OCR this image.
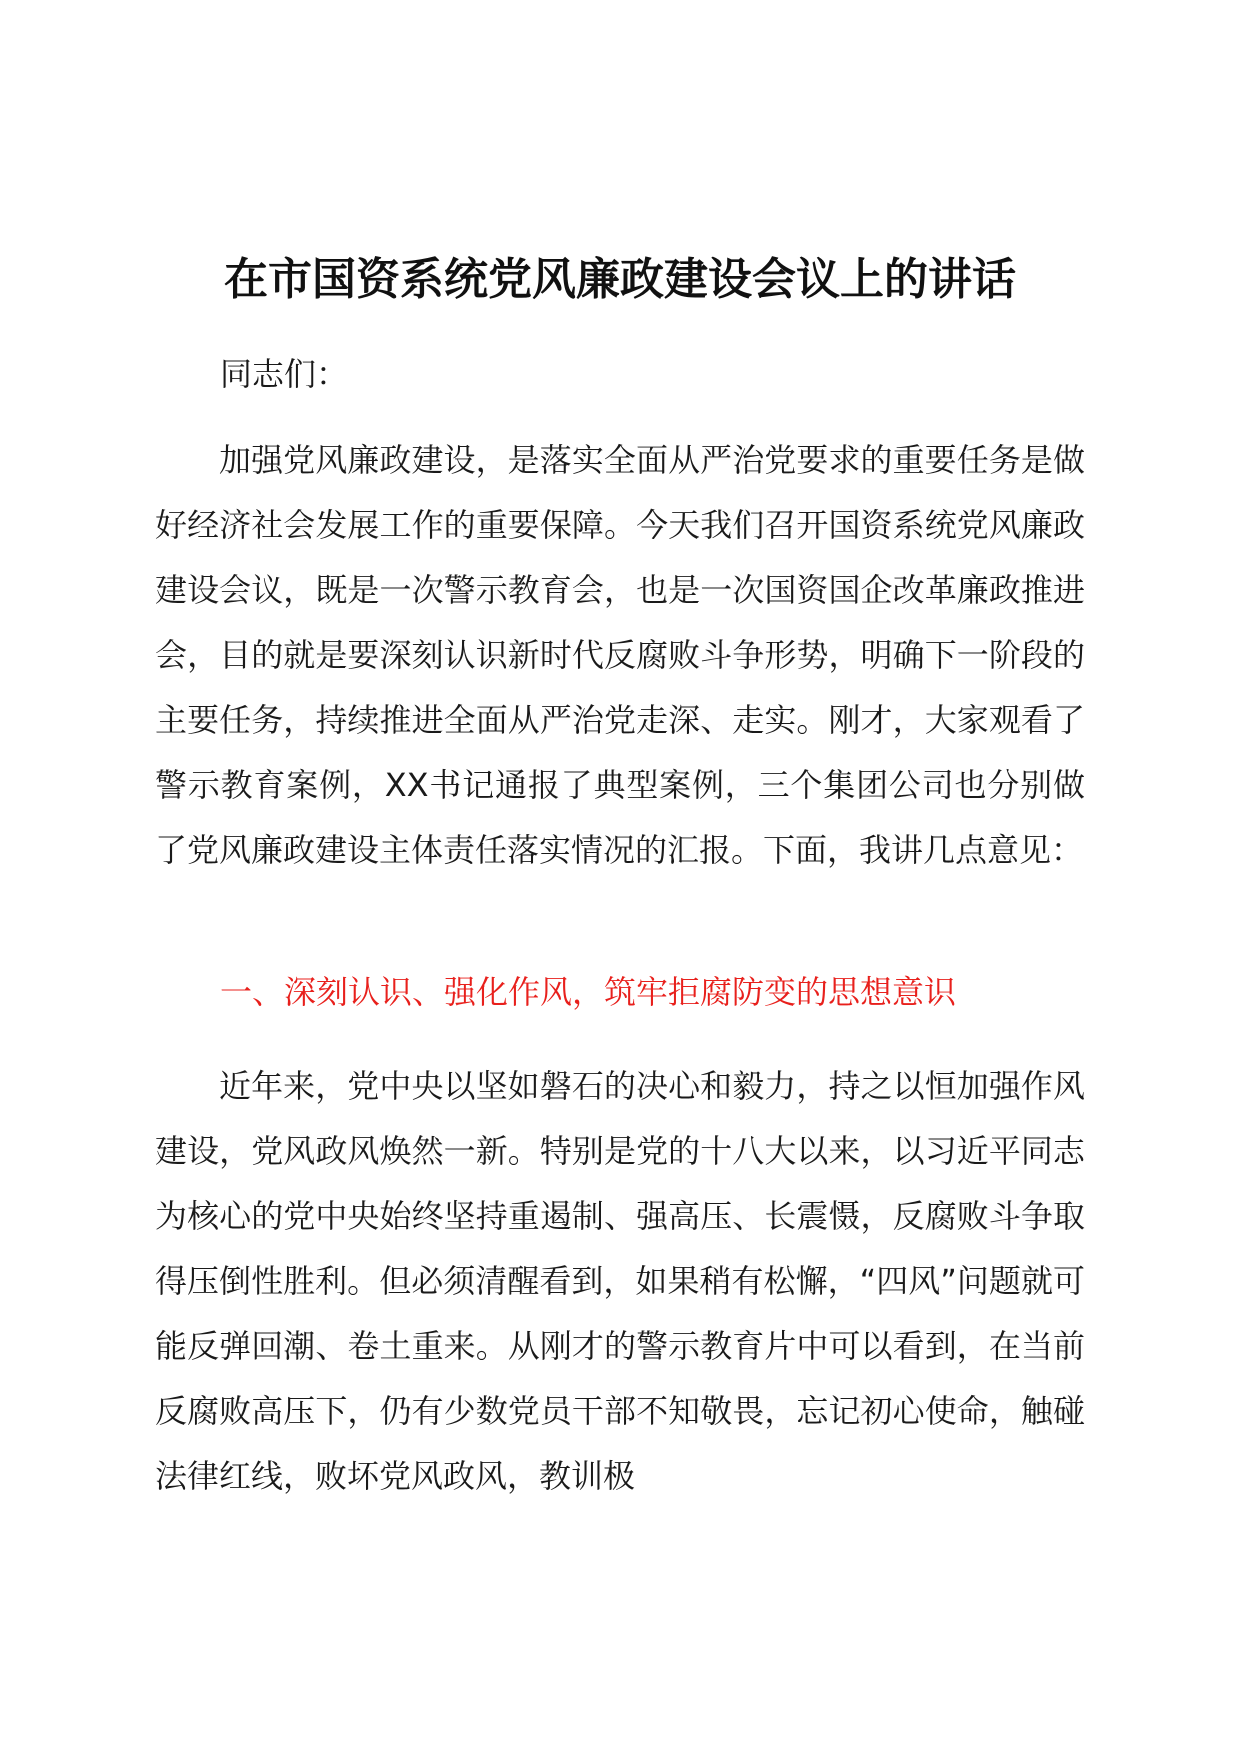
在市国资系统党风廉政建设会议上的讲话
同志们：

加强党风廉政建设，是落实全面从严治党要求的重要任务是做好经济社会发展工作的重要保障。今天我们召开国资系统党风廉政建设会议，既是一次警示教育会，也是一次国资国企改革廉政推进会，目的就是要深刻认识新时代反腐败斗争形势，明确下一阶段的主要任务，持续推进全面从严治党走深、走实。刚才，大家观看了警示教育案例，XX书记通报了典型案例，三个集团公司也分别做了党风廉政建设主体责任落实情况的汇报。下面，我讲几点意见：

一、深刻认识、强化作风，筑牢拒腐防变的思想意识

近年来，党中央以坚如磐石的决心和毅力，持之以恒加强作风建设，党风政风焕然一新。特别是党的十八大以来，以习近平同志为核心的党中央始终坚持重遏制、强高压、长震慑，反腐败斗争取得压倒性胜利。但必须清醒看到，如果稍有松懈，“四风”问题就可能反弹回潮、卷土重来。从刚才的警示教育片中可以看到，在当前反腐败高压下，仍有少数党员干部不知敬畏，忘记初心使命，触碰法律红线，败坏党风政风，教训极
